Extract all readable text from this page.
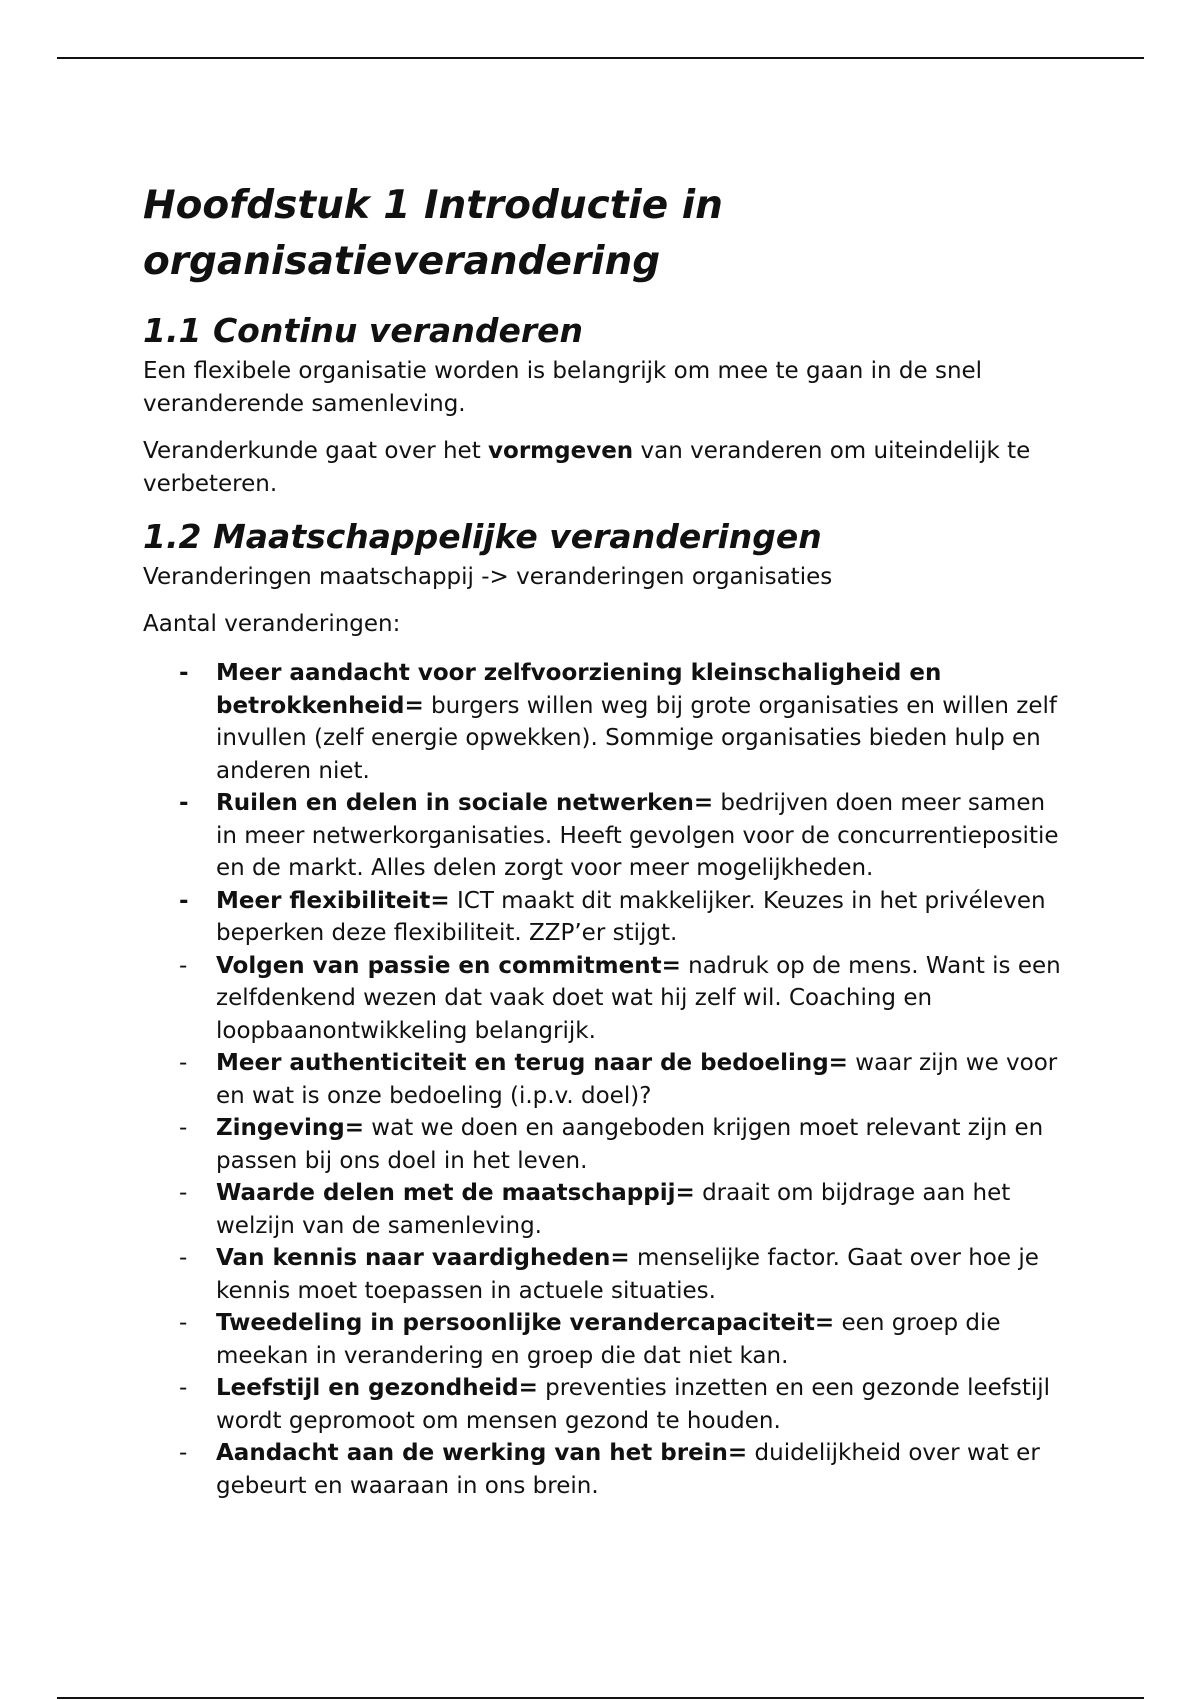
Hoofdstuk 1 Introductie in organisatieverandering
1.1 Continu veranderen

Een flexibele organisatie worden is belangrijk om mee te gaan in de snel veranderende samenleving.

Veranderkunde gaat over het vormgeven van veranderen om uiteindelijk te verbeteren.

1.2 Maatschappelijke veranderingen

Veranderingen maatschappij -> veranderingen organisaties

Aantal veranderingen:

- Meer aandacht voor zelfvoorziening kleinschaligheid en betrokkenheid= burgers willen weg bij grote organisaties en willen zelf invullen (zelf energie opwekken). Sommige organisaties bieden hulp en anderen niet.
- Ruilen en delen in sociale netwerken= bedrijven doen meer samen in meer netwerkorganisaties. Heeft gevolgen voor de concurrentiepositie en de markt. Alles delen zorgt voor meer mogelijkheden.
- Meer flexibiliteit= ICT maakt dit makkelijker. Keuzes in het privéleven beperken deze flexibiliteit. ZZP’er stijgt.
- Volgen van passie en commitment= nadruk op de mens. Want is een zelfdenkend wezen dat vaak doet wat hij zelf wil. Coaching en loopbaanontwikkeling belangrijk.
- Meer authenticiteit en terug naar de bedoeling= waar zijn we voor en wat is onze bedoeling (i.p.v. doel)?
- Zingeving= wat we doen en aangeboden krijgen moet relevant zijn en passen bij ons doel in het leven.
- Waarde delen met de maatschappij= draait om bijdrage aan het welzijn van de samenleving.
- Van kennis naar vaardigheden= menselijke factor. Gaat over hoe je kennis moet toepassen in actuele situaties.
- Tweedeling in persoonlijke verandercapaciteit= een groep die meekan in verandering en groep die dat niet kan.
- Leefstijl en gezondheid= preventies inzetten en een gezonde leefstijl wordt gepromoot om mensen gezond te houden.
- Aandacht aan de werking van het brein= duidelijkheid over wat er gebeurt en waaraan in ons brein.
